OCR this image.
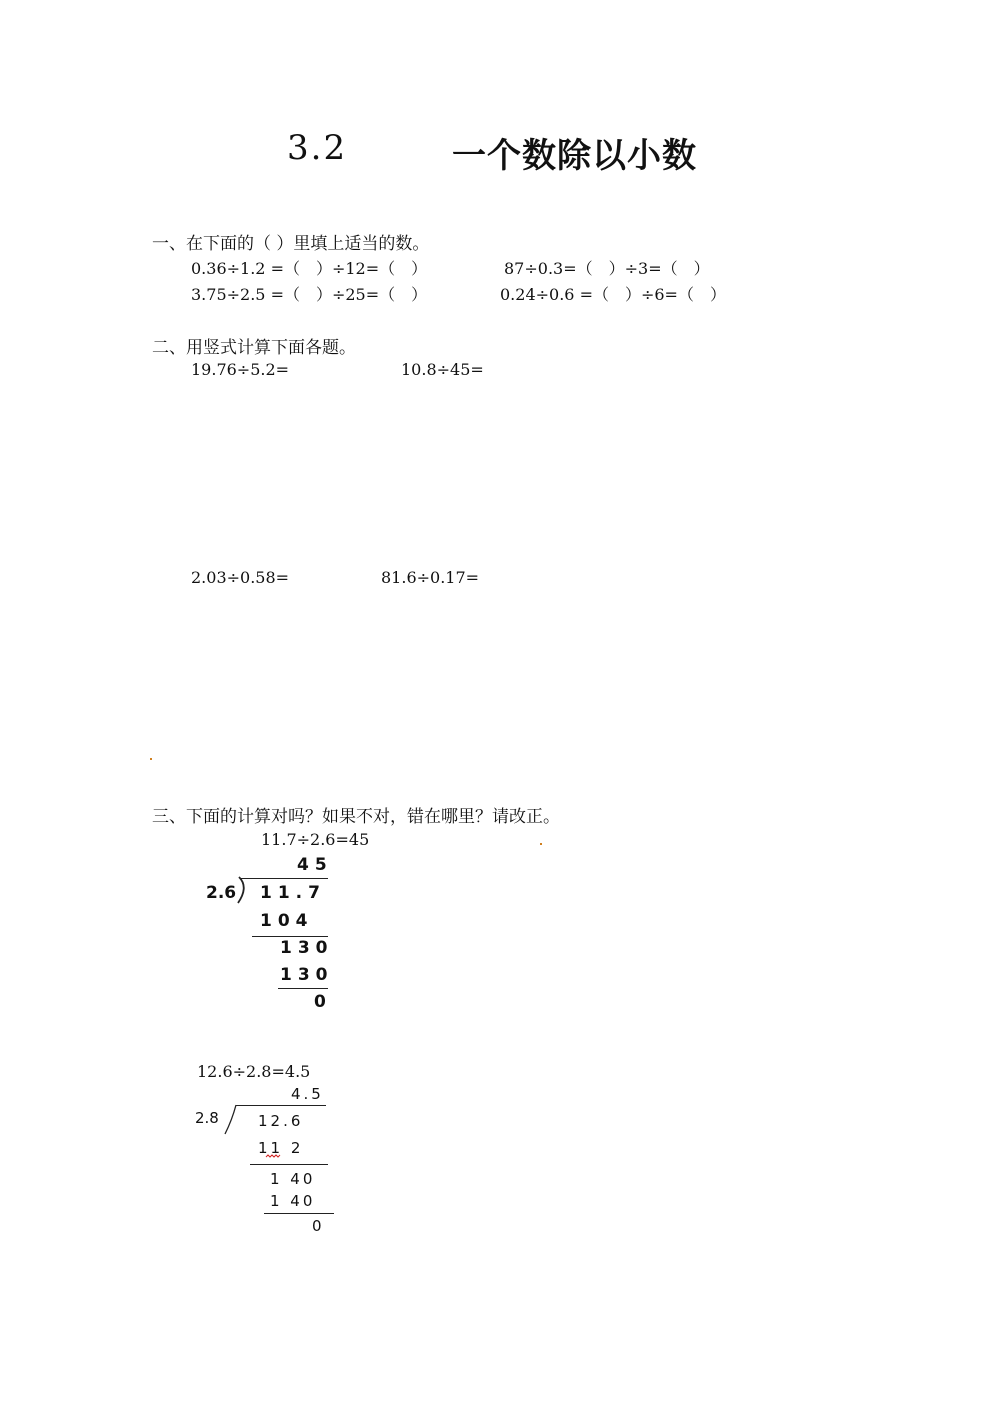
3.2	一个数除以小数
一、在下面的（ ）里填上适当的数。
0.36÷1.2 =（　）÷12=（　）	87÷0.3=（　）÷3=（　）
3.75÷2.5 =（　）÷25=（　）	0.24÷0.6 =（　）÷6=（　）
二、用竖式计算下面各题。
19.76÷5.2=	10.8÷45=
2.03÷0.58=	81.6÷0.17=
三、下面的计算对吗？如果不对，错在哪里？请改正。
11.7÷2.6=45
45
2.6 11.7
104
130
130
0
12.6÷2.8=4.5
4.5
2.8	12.6
11 2
1 40
1 40
0
